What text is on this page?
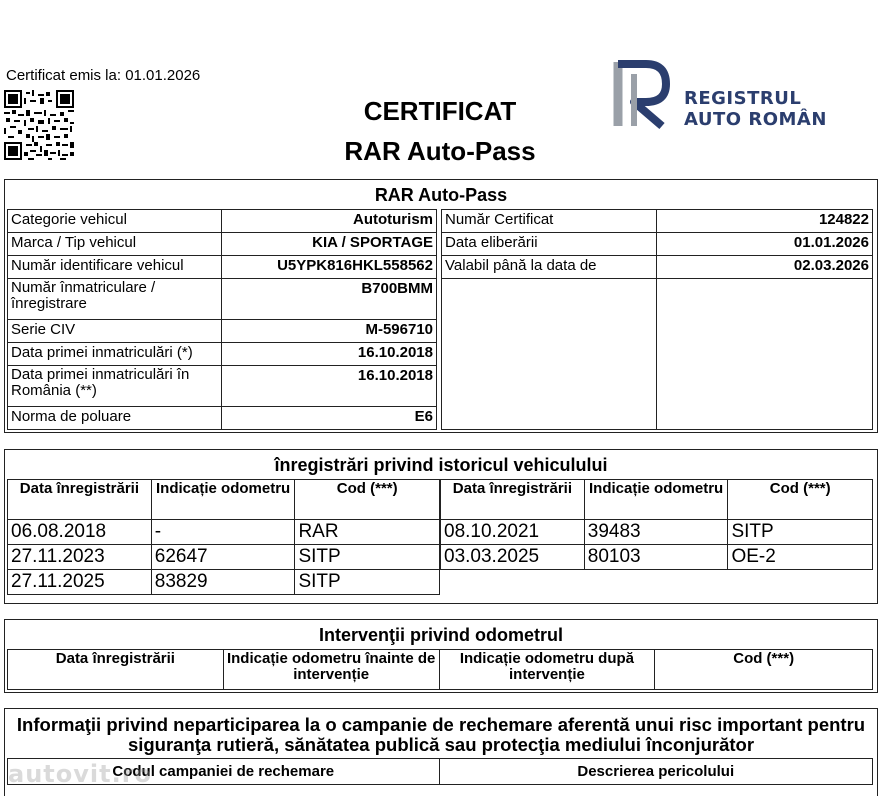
Certificat emis la: 01.01.2026
CERTIFICAT
RAR Auto-Pass
REGISTRUL
AUTO ROMÂN
RAR Auto-Pass
Categorie vehicul	Autoturism
Marca / Tip vehicul	KIA / SPORTAGE
Număr identificare vehicul	U5YPK816HKL558562
Număr înmatriculare / înregistrare	B700BMM
Serie CIV	M-596710
Data primei inmatriculări (*)	16.10.2018
Data primei inmatriculări în România (**)	16.10.2018
Norma de poluare	E6
Număr Certificat	124822
Data eliberării	01.01.2026
Valabil până la data de	02.03.2026

înregistrări privind istoricul vehiculului
Data înregistrării	Indicație odometru	Cod (***)
06.08.2018	-	RAR
27.11.2023	62647	SITP
27.11.2025	83829	SITP
Data înregistrării	Indicație odometru	Cod (***)
08.10.2021	39483	SITP
03.03.2025	80103	OE-2
Intervenţii privind odometrul
Data înregistrării	Indicație odometru înainte de intervenție	Indicație odometru după intervenție	Cod (***)
Informaţii privind neparticiparea la o campanie de rechemare aferentă unui risc important pentru siguranţa rutieră, sănătatea publică sau protecţia mediului înconjurător
Codul campaniei de rechemare	Descrierea pericolului
autovit.ro
